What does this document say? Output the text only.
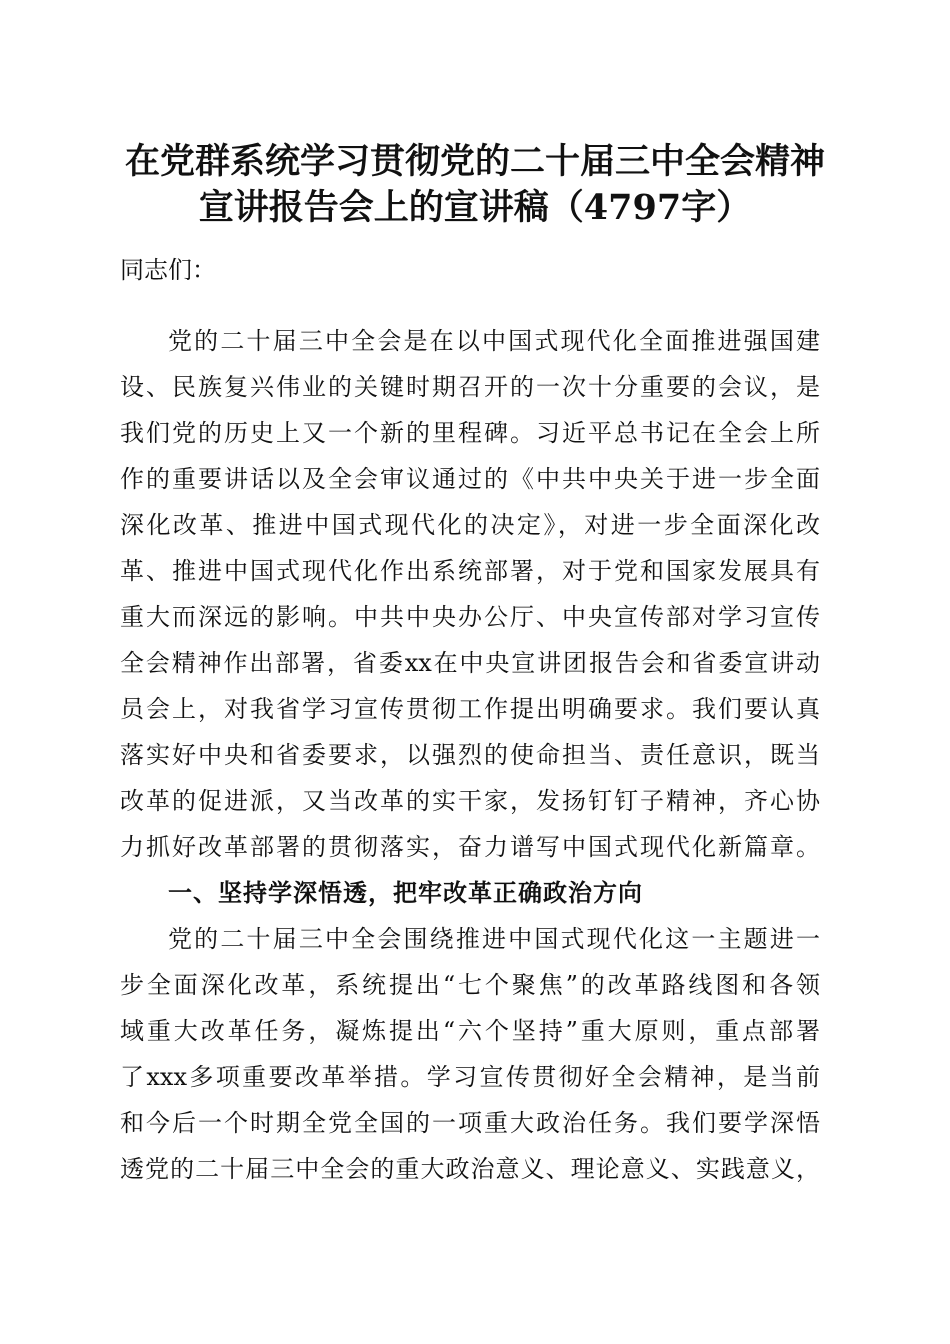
在党群系统学习贯彻党的二十届三中全会精神
宣讲报告会上的宣讲稿（4797字）
同志们：
党的二十届三中全会是在以中国式现代化全面推进强国建
设、民族复兴伟业的关键时期召开的一次十分重要的会议，是
我们党的历史上又一个新的里程碑。习近平总书记在全会上所
作的重要讲话以及全会审议通过的《中共中央关于进一步全面
深化改革、推进中国式现代化的决定》，对进一步全面深化改
革、推进中国式现代化作出系统部署，对于党和国家发展具有
重大而深远的影响。中共中央办公厅、中央宣传部对学习宣传
全会精神作出部署，省委xx在中央宣讲团报告会和省委宣讲动
员会上，对我省学习宣传贯彻工作提出明确要求。我们要认真
落实好中央和省委要求，以强烈的使命担当、责任意识，既当
改革的促进派，又当改革的实干家，发扬钉钉子精神，齐心协
力抓好改革部署的贯彻落实，奋力谱写中国式现代化新篇章。
一、坚持学深悟透，把牢改革正确政治方向
党的二十届三中全会围绕推进中国式现代化这一主题进一
步全面深化改革，系统提出“七个聚焦”的改革路线图和各领
域重大改革任务，凝炼提出“六个坚持”重大原则，重点部署
了xxx多项重要改革举措。学习宣传贯彻好全会精神，是当前
和今后一个时期全党全国的一项重大政治任务。我们要学深悟
透党的二十届三中全会的重大政治意义、理论意义、实践意义，
